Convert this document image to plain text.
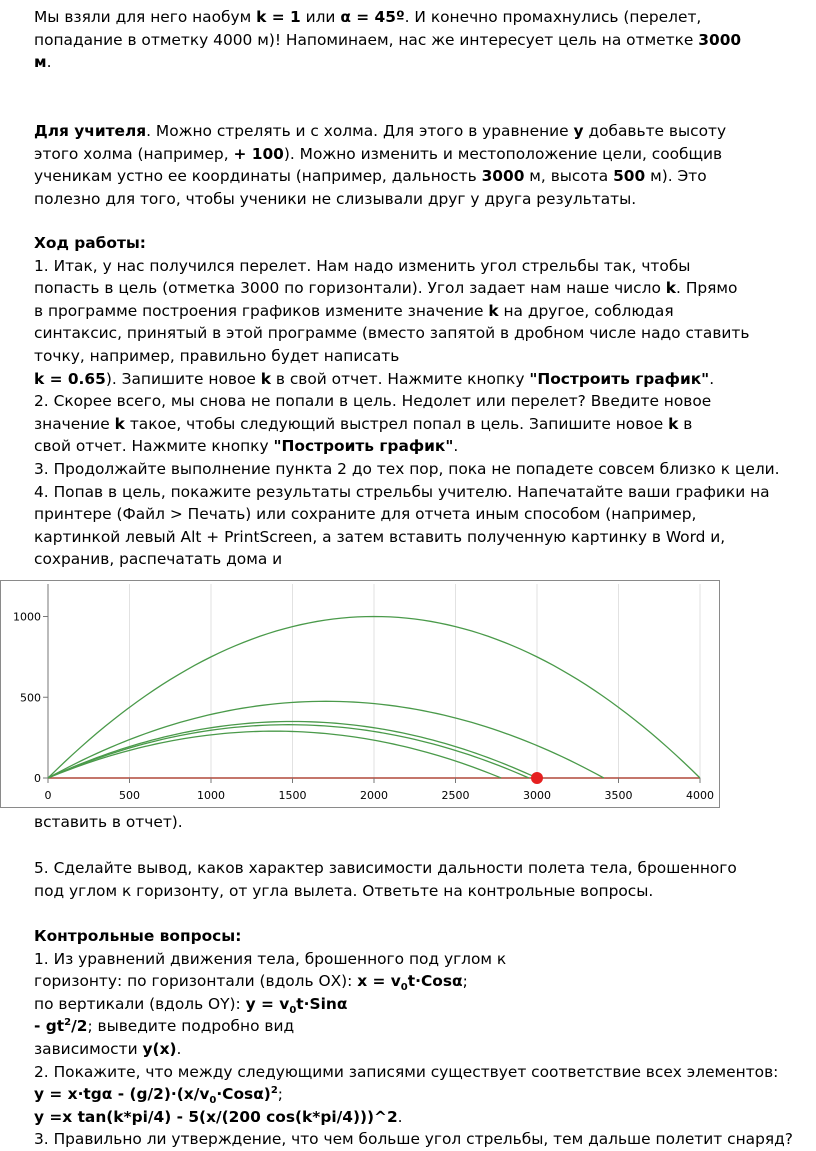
Мы взяли для него наобум k = 1 или α = 45º. И конечно промахнулись (перелет,
попадание в отметку 4000 м)! Напоминаем, нас же интересует цель на отметке 3000
м.
Для учителя. Можно стрелять и с холма. Для этого в уравнение y добавьте высоту
этого холма (например, + 100). Можно изменить и местоположение цели, сообщив
ученикам устно ее координаты (например, дальность 3000 м, высота 500 м). Это
полезно для того, чтобы ученики не слизывали друг у друга результаты.
Ход работы:
1. Итак, у нас получился перелет. Нам надо изменить угол стрельбы так, чтобы
попасть в цель (отметка 3000 по горизонтали). Угол задает нам наше число k. Прямо
в программе построения графиков измените значение k на другое, соблюдая
синтаксис, принятый в этой программе (вместо запятой в дробном числе надо ставить
точку, например, правильно будет написать
k = 0.65). Запишите новое k в свой отчет. Нажмите кнопку "Построить график".
2. Скорее всего, мы снова не попали в цель. Недолет или перелет? Введите новое
значение k такое, чтобы следующий выстрел попал в цель. Запишите новое k в
свой отчет. Нажмите кнопку "Построить график".
3. Продолжайте выполнение пункта 2 до тех пор, пока не попадете совсем близко к цели.
4. Попав в цель, покажите результаты стрельбы учителю. Напечатайте ваши графики на
принтере (Файл > Печать) или сохраните для отчета иным способом (например,
картинкой левый Alt + PrintScreen, а затем вставить полученную картинку в Word и,
сохранив, распечатать дома и
0
500
1000
0	500	1000	1500	2000	2500	3000	3500	4000
вставить в отчет).
5. Сделайте вывод, каков характер зависимости дальности полета тела, брошенного
под углом к горизонту, от угла вылета. Ответьте на контрольные вопросы.
Контрольные вопросы:
1. Из уравнений движения тела, брошенного под углом к
горизонту: по горизонтали (вдоль ОХ): $x = v_0t\cdot Cos\alpha$;
по вертикали (вдоль ОY): $y = v_0t\cdot Sin\alpha$
- $gt^2/2$; выведите подробно вид
зависимости y(x).
2. Покажите, что между следующими записями существует соответствие всех элементов:
$y = x\cdot tg\alpha - (g/2)\cdot(x/v_0\cdot Cos\alpha)^2$;
y =x tan(k*pi/4) - 5(x/(200 cos(k*pi/4)))^2.
3. Правильно ли утверждение, что чем больше угол стрельбы, тем дальше полетит снаряд?
